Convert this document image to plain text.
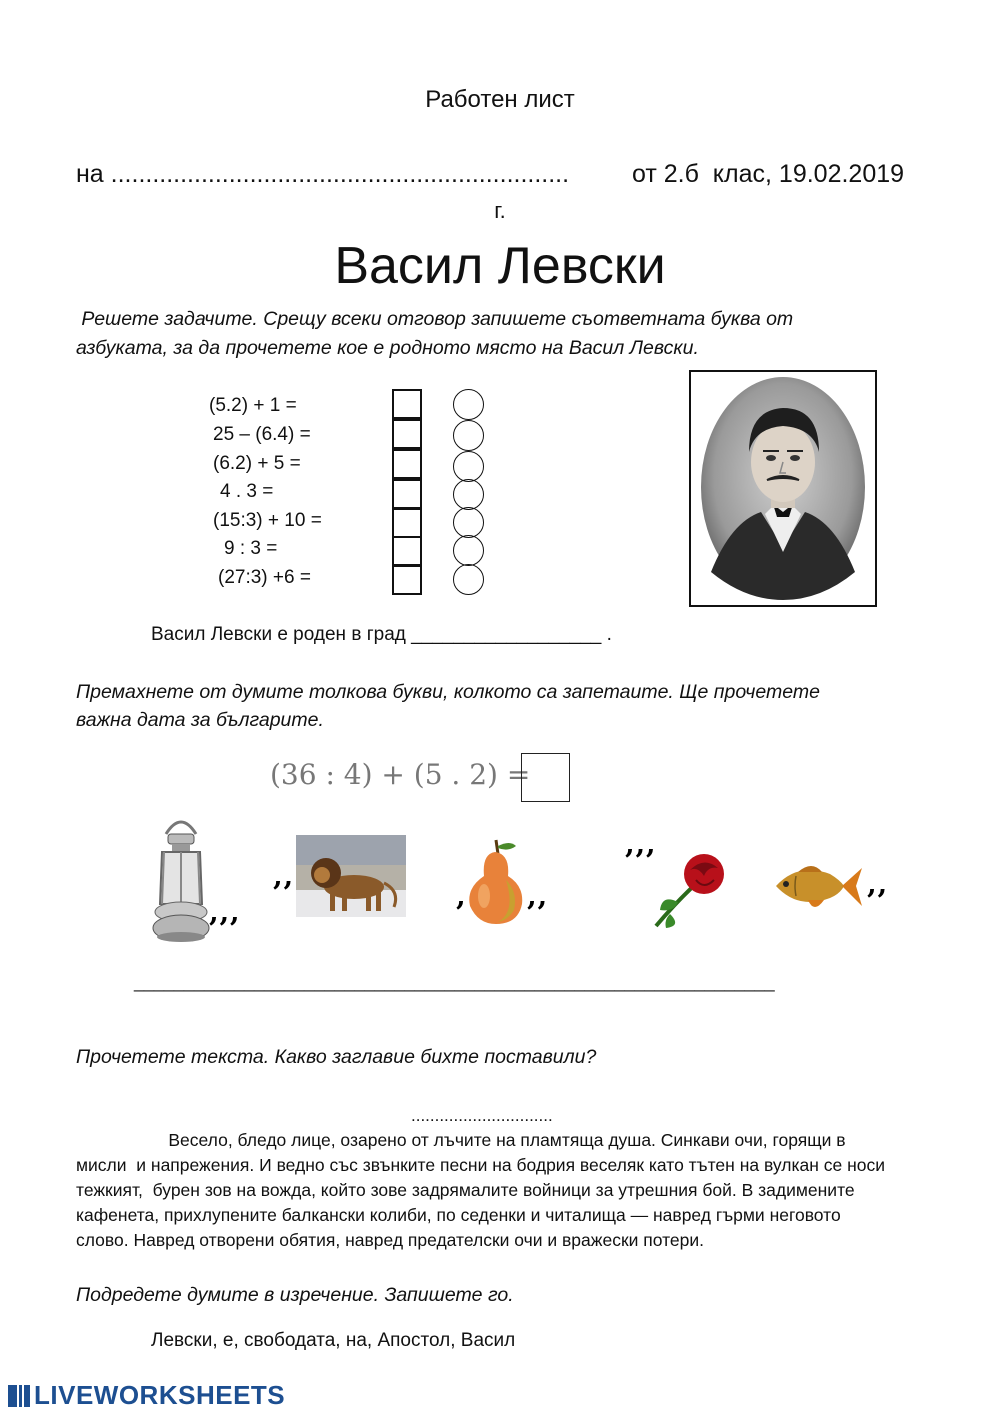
Работен лист
на ..................................................................	от 2.б  клас, 19.02.2019
г.
Васил Левски
Решете задачите. Срещу всеки отговор запишете съответната буква от
азбуката, за да прочетете кое е родното място на Васил Левски.
(5.2) + 1 =
25 – (6.4) =
(6.2) + 5 =
4 . 3 =
(15:3) + 10 =
9 : 3 =
(27:3) +6 =
Васил Левски е роден в град __________________ .
Премахнете от думите толкова букви, колкото са запетаите. Ще прочетете
важна дата за българите.
(36 : 4) + (5 . 2) =
’’’
’’
’ ’’
’’’
’’
________________________________________________________________
Прочетете текста. Какво заглавие бихте поставили?
..............................
Весело, бледо лице, озарено от лъчите на пламтяща душа. Синкави очи, горящи в
мисли  и напрежения. И ведно със звънките песни на бодрия веселяк като тътен на вулкан се носи
тежкият,  бурен зов на вожда, който зове задрямалите войници за утрешния бой. В задимените
кафенета, прихлупените балкански колиби, по седенки и читалища — навред гърми неговото
слово. Навред отворени обятия, навред предателски очи и вражески потери.
Подредете думите в изречение. Запишете го.
Левски, е, свободата, на, Апостол, Васил
LIVEWORKSHEETS
